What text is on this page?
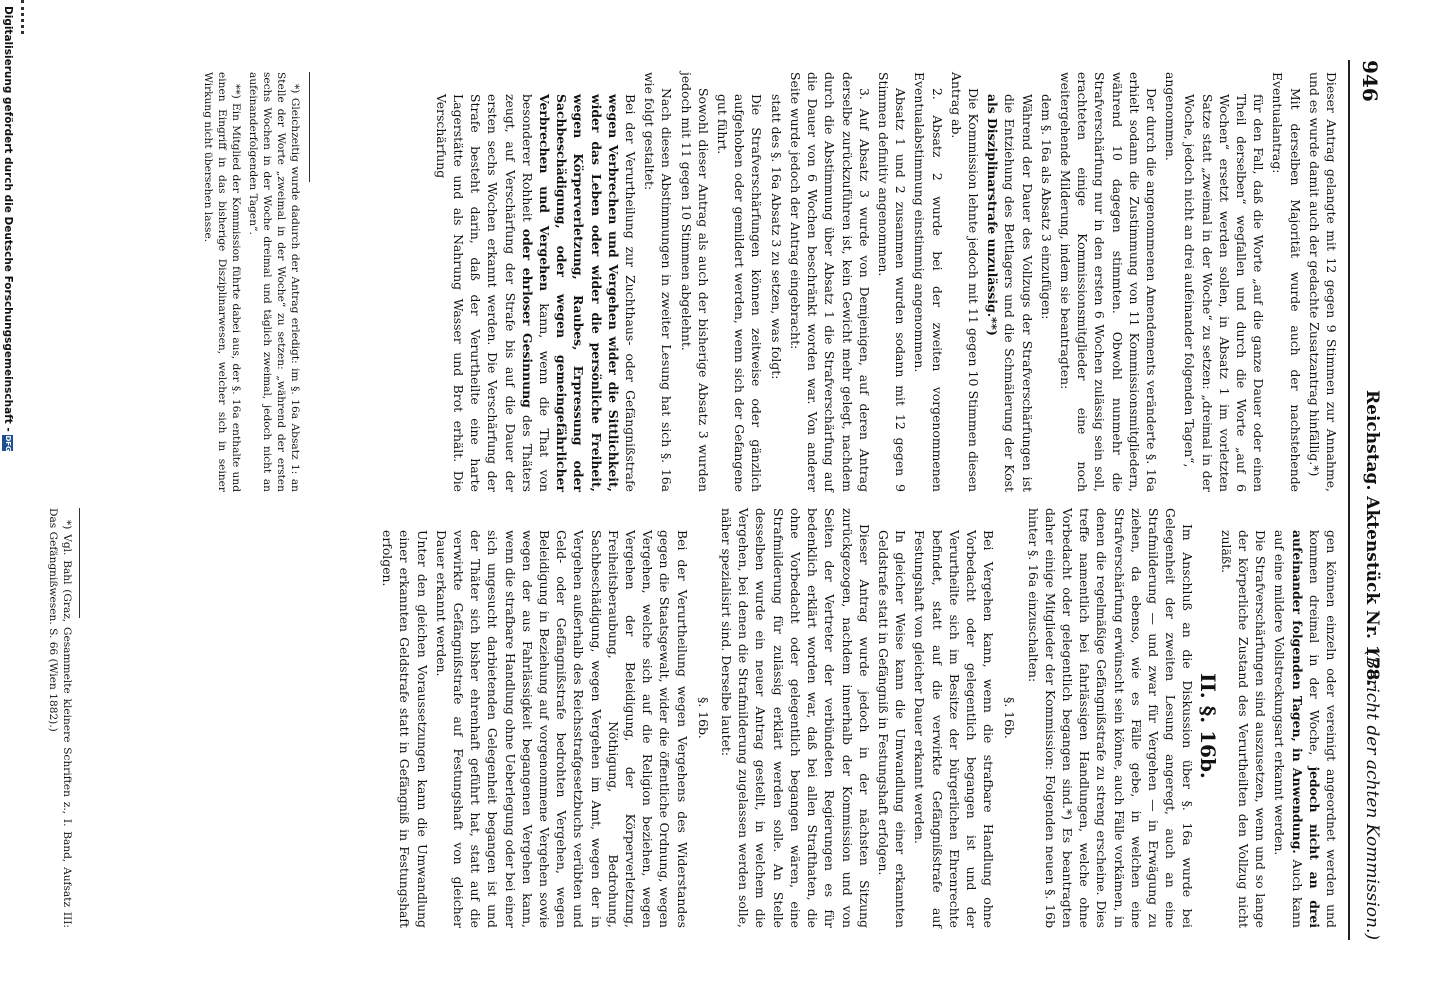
946
Reichstag. Aktenstück Nr. 178.
(Bericht der achten Kommission.)

Dieser Antrag gelangte mit 12 gegen 9 Stimmen zur Annahme, und es wurde damit auch der gedachte Zusatzantrag hinfällig.*)

Mit derselben Majorität wurde auch der nachstehende Eventualantrag:

für den Fall, daß die Worte „auf die ganze Dauer oder einen Theil derselben“ wegfallen und durch die Worte „auf 6 Wochen“ ersetzt werden sollen, in Absatz 1 im vorletzten Satze statt „zweimal in der Woche“ zu setzen: „dreimal in der Woche, jedoch nicht an drei aufeinander folgenden Tagen“,

angenommen.

Der durch die angenommenen Amendements veränderte §. 16a erhielt sodann die Zustimmung von 11 Kommissionsmitgliedern, während 10 dagegen stimmten. Obwohl nunmehr die Strafverschärfung nur in den ersten 6 Wochen zulässig sein soll, erachteten einige Kommissionsmitglieder eine noch weitergehende Milderung, indem sie beantragten:

dem §. 16a als Absatz 3 einzufügen:

Während der Dauer des Vollzugs der Strafverschärfungen ist die Entziehung des Bettlagers und die Schmälerung der Kost als Disziplinarstrafe unzulässig.**)

Die Kommission lehnte jedoch mit 11 gegen 10 Stimmen diesen Antrag ab.

2. Absatz 2 wurde bei der zweiten vorgenommenen Eventualabstimmung einstimmig angenommen.

Absatz 1 und 2 zusammen wurden sodann mit 12 gegen 9 Stimmen definitiv angenommen.

3. Auf Absatz 3 wurde von Demjenigen, auf deren Antrag derselbe zurückzuführen ist, kein Gewicht mehr gelegt, nachdem durch die Abstimmung über Absatz 1 die Strafverschärfung auf die Dauer von 6 Wochen beschränkt worden war. Von anderer Seite wurde jedoch der Antrag eingebracht:

statt des §. 16a Absatz 3 zu setzen, was folgt:

Die Strafverschärfungen können zeitweise oder gänzlich aufgehoben oder gemildert werden, wenn sich der Gefangene gut führt.

Sowohl dieser Antrag als auch der bisherige Absatz 3 wurden jedoch mit 11 gegen 10 Stimmen abgelehnt.

Nach diesen Abstimmungen in zweiter Lesung hat sich §. 16a wie folgt gestaltet:

Bei der Verurtheilung zur Zuchthaus- oder Gefängnißstrafe wegen Verbrechen und Vergehen wider die Sittlichkeit, wider das Leben oder wider die persönliche Freiheit, wegen Körperverletzung, Raubes, Erpressung oder Sachbeschädigung, oder wegen gemeingefährlicher Verbrechen und Vergehen kann, wenn die That von besonderer Rohheit oder ehrloser Gesinnung des Thäters zeugt, auf Verschärfung der Strafe bis auf die Dauer der ersten sechs Wochen erkannt werden. Die Verschärfung der Strafe besteht darin, daß der Verurtheilte eine harte Lagerstätte und als Nahrung Wasser und Brot erhält. Die Verschärfung

*) Gleichzeitig wurde dadurch der Antrag erledigt: im §. 16a Absatz 1: an Stelle der Worte „zweimal in der Woche“ zu setzen: „während der ersten sechs Wochen in der Woche dreimal und täglich zweimal, jedoch nicht an aufeinanderfolgenden Tagen“.

**) Ein Mitglied der Kommission führte dabei aus, der §. 16a enthalte und einen Eingriff in das bisherige Disziplinarwesen, welcher sich in seiner Wirkung nicht übersehen lasse.

gen können einzeln oder vereinigt angeordnet werden und kommen dreimal in der Woche, jedoch nicht an drei aufeinander folgenden Tagen, in Anwendung. Auch kann auf eine mildere Vollstreckungsart erkannt werden.

Die Strafverschärfungen sind auszusetzen, wenn und so lange der körperliche Zustand des Verurtheilten den Vollzug nicht zuläßt.

II. §. 16b.

Im Anschluß an die Diskussion über §. 16a wurde bei Gelegenheit der zweiten Lesung angeregt, auch an eine Strafmilderung — und zwar für Vergehen — in Erwägung zu ziehen, da ebenso, wie es Fälle gebe, in welchen eine Strafverschärfung erwünscht sein könne, auch Fälle vorkämen, in denen die regelmäßige Gefängnißstrafe zu streng erscheine. Dies treffe namentlich bei fahrlässigen Handlungen, welche ohne Vorbedacht oder gelegentlich begangen sind.*) Es beantragten daher einige Mitglieder der Kommission: Folgenden neuen §. 16b hinter §. 16a einzuschalten:

§. 16b.

Bei Vergehen kann, wenn die strafbare Handlung ohne Vorbedacht oder gelegentlich begangen ist und der Verurtheilte sich im Besitze der bürgerlichen Ehrenrechte befindet, statt auf die verwirkte Gefängnißstrafe auf Festungshaft von gleicher Dauer erkannt werden.

In gleicher Weise kann die Umwandlung einer erkannten Geldstrafe statt in Gefängniß in Festungshaft erfolgen.

Dieser Antrag wurde jedoch in der nächsten Sitzung zurückgezogen, nachdem innerhalb der Kommission und von Seiten der Vertreter der verbündeten Regierungen es für bedenklich erklärt worden war, daß bei allen Strafthaten, die ohne Vorbedacht oder gelegentlich begangen wären, eine Strafmilderung für zulässig erklärt werden solle. An Stelle desselben wurde ein neuer Antrag gestellt, in welchem die Vergehen, bei denen die Strafmilderung zugelassen werden solle, näher spezialisirt sind. Derselbe lautet:

§. 16b.

Bei der Verurtheilung wegen Vergehens des Widerstandes gegen die Staatsgewalt, wider die öffentliche Ordnung, wegen Vergehen, welche sich auf die Religion beziehen, wegen Vergehen der Beleidigung, der Körperverletzung, Freiheitsberaubung, Nöthigung, Bedrohung, Sachbeschädigung, wegen Vergehen im Amt, wegen der in Vergehen außerhalb des Reichsstrafgesetzbuchs verübten und Geld- oder Gefängnißstrafe bedrohten Vergehen, wegen Beleidigung in Beziehung auf vorgenommene Vergehen sowie wegen der aus Fahrlässigkeit begangenen Vergehen kann, wenn die strafbare Handlung ohne Ueberlegung oder bei einer sich ungesucht darbietenden Gelegenheit begangen ist und der Thäter sich bisher ehrenhaft geführt hat, statt auf die verwirkte Gefängnißstrafe auf Festungshaft von gleicher Dauer erkannt werden.

Unter den gleichen Voraussetzungen kann die Umwandlung einer erkannten Geldstrafe statt in Gefängniß in Festungshaft erfolgen.

*) Vgl. Bahl (Graz, Gesammelte kleinere Schriften z., I. Band, Aufsatz III: Das Gefängnißwesen. S. 66 (Wien 1882).)

Digitalisierung gefördert durch die Deutsche Forschungsgemeinschaft - DFG
